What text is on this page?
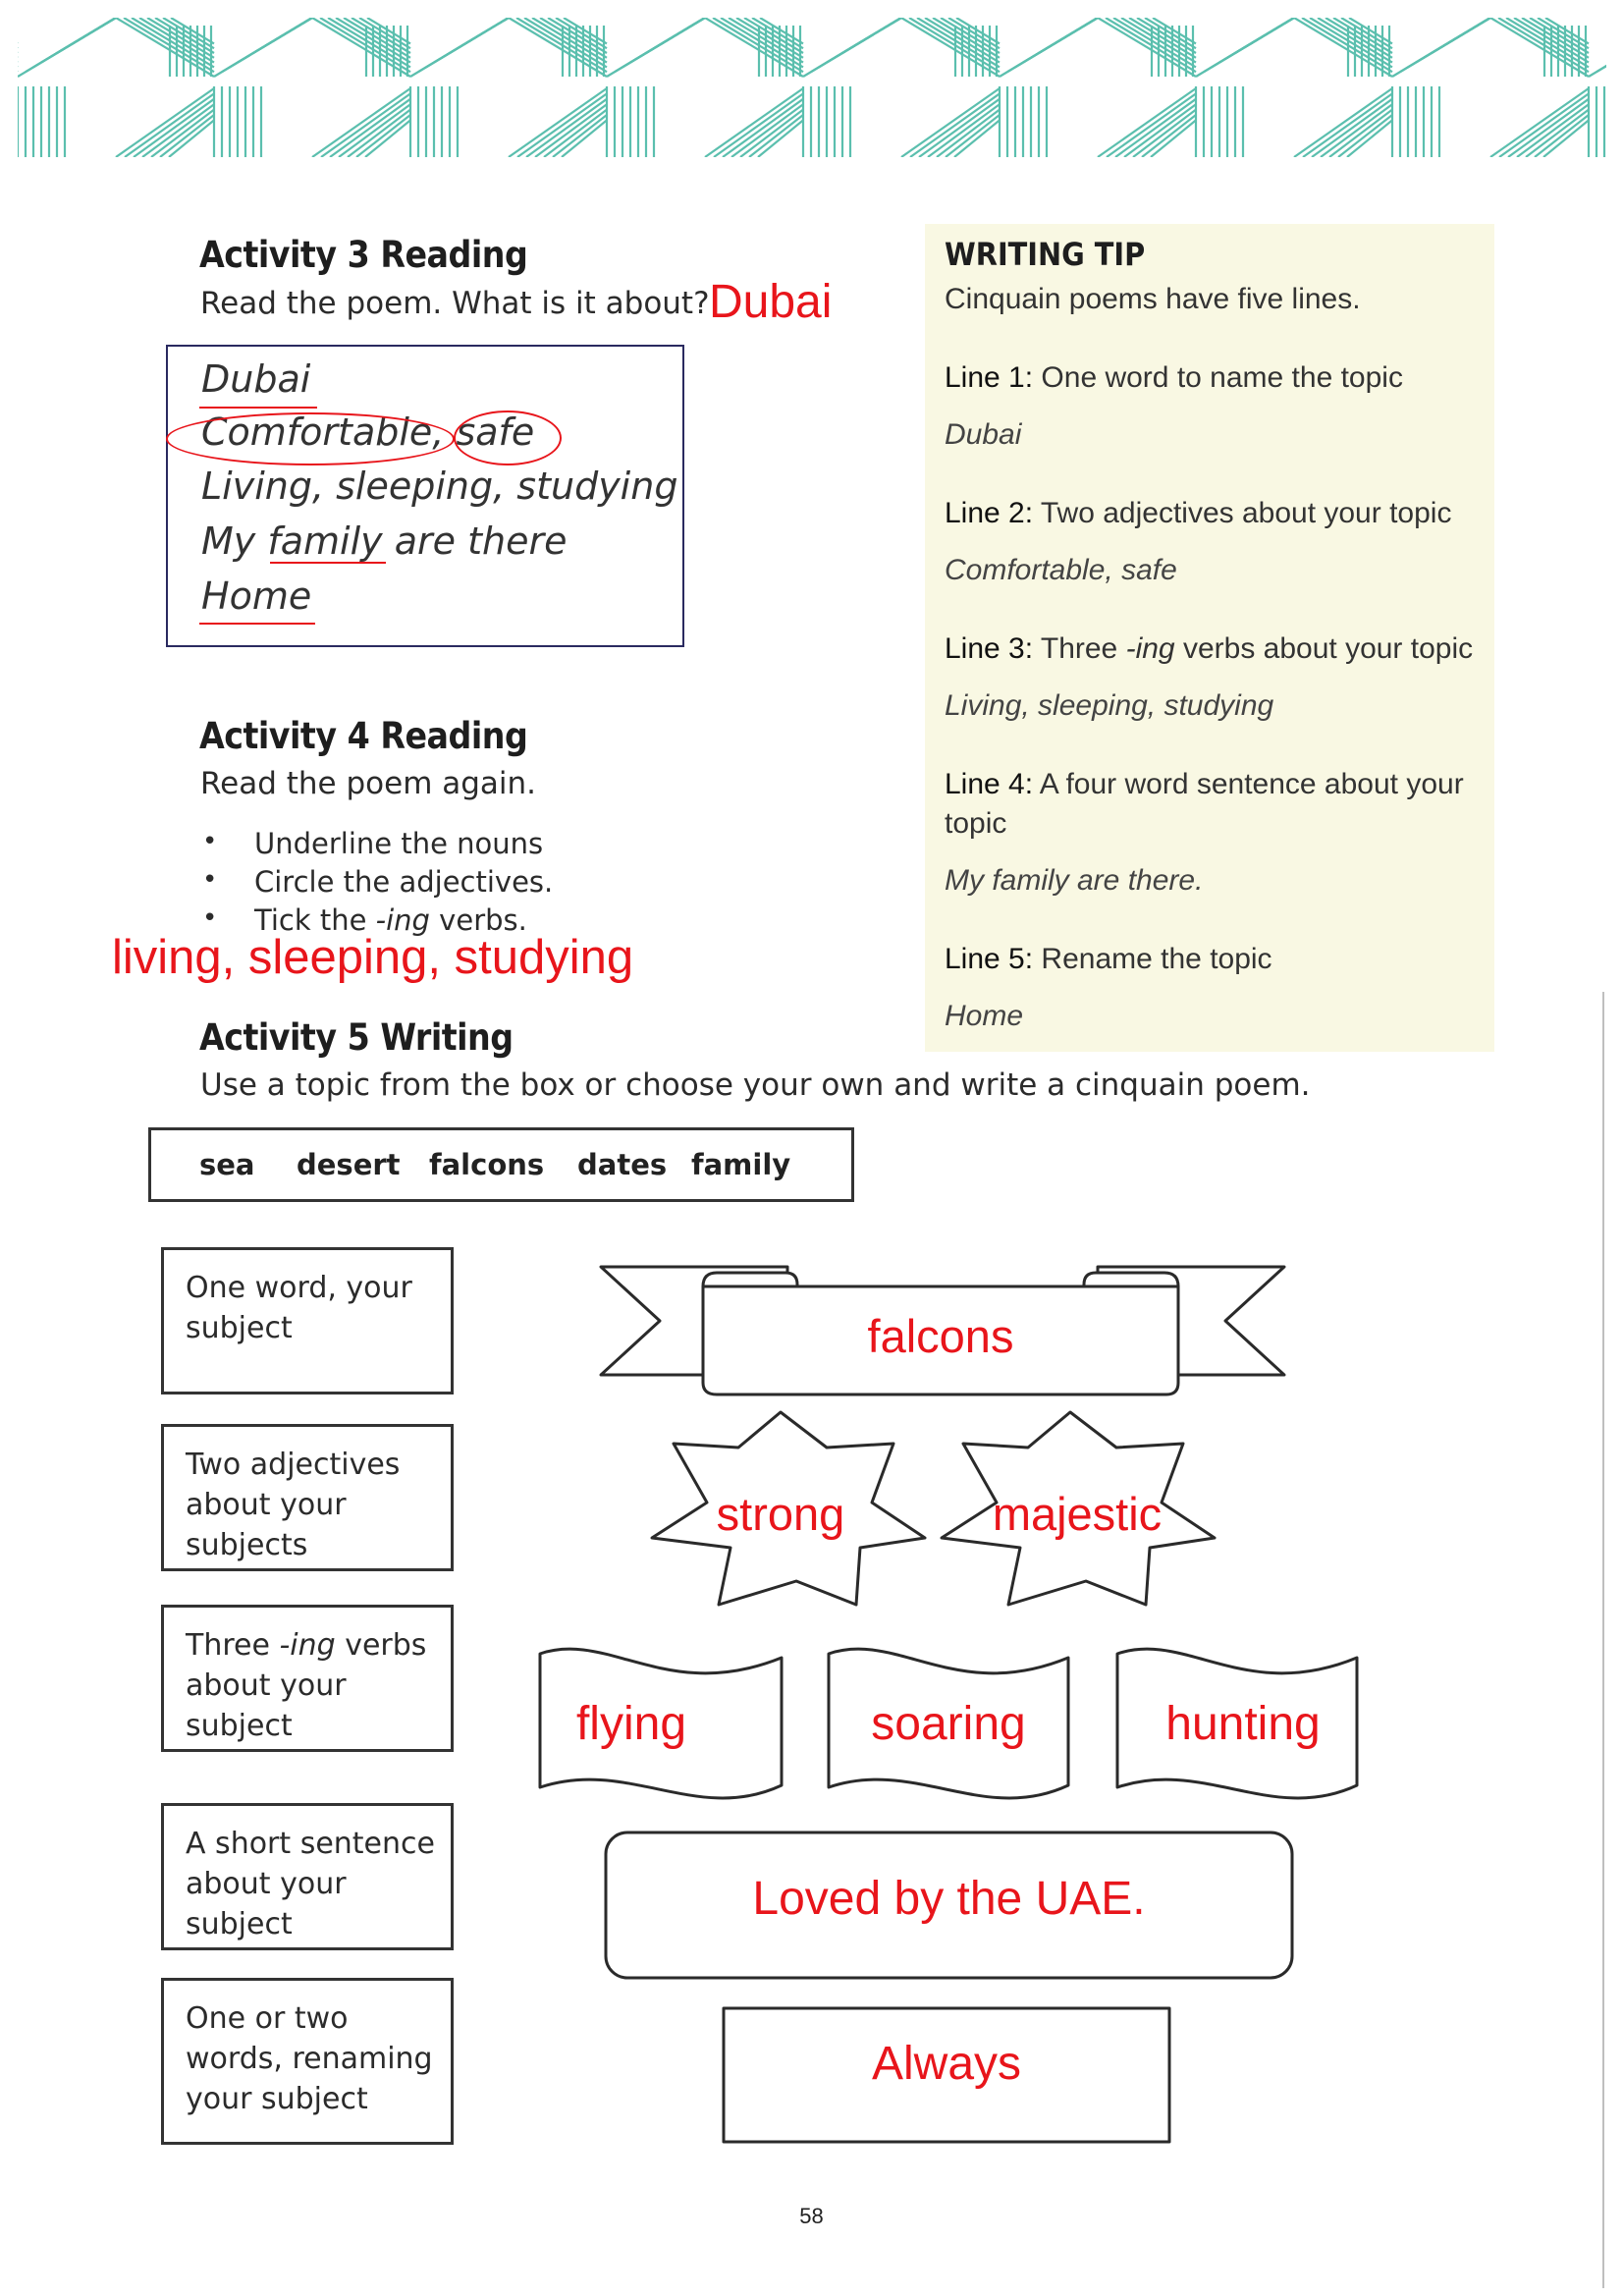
Activity 3 Reading
Read the poem. What is it about? Dubai
Dubai
Comfortable, safe
Living, sleeping, studying
My family are there
Home
Activity 4 Reading
Read the poem again.
• Underline the nouns
• Circle the adjectives.
• Tick the -ing verbs.
living, sleeping, studying
WRITING TIP
Cinquain poems have five lines.
Line 1: One word to name the topic
Dubai
Line 2: Two adjectives about your topic
Comfortable, safe
Line 3: Three -ing verbs about your topic
Living, sleeping, studying
Line 4: A four word sentence about your
topic
My family are there.
Line 5: Rename the topic
Home
Activity 5 Writing
Use a topic from the box or choose your own and write a cinquain poem.
sea desert falcons dates family
One word, your subject
Two adjectives about your subjects
Three -ing verbs about your subject
A short sentence about your subject
One or two words, renaming your subject
falcons
strong	majestic
flying	soaring	hunting
Loved by the UAE.
Always
58
